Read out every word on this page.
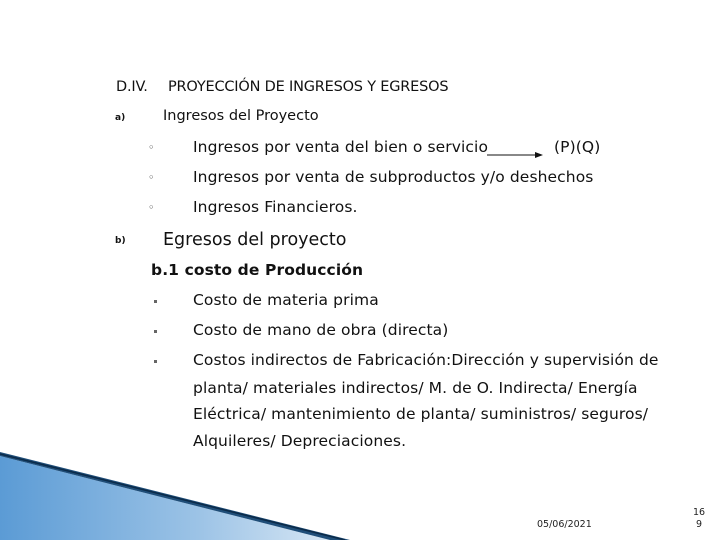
D.IV. PROYECCIÓN DE INGRESOS Y EGRESOS
a)	Ingresos del Proyecto
◦ Ingresos por venta del bien o servicio	(P)(Q)
◦ Ingresos por venta de subproductos y/o deshechos
◦ Ingresos Financieros.
b) Egresos del proyecto
b.1 costo de Producción
Costo de materia prima
Costo de mano de obra (directa)
Costos indirectos de Fabricación:Dirección y supervisión de
planta/ materiales indirectos/ M. de O. Indirecta/ Energía
Eléctrica/ mantenimiento de planta/ suministros/ seguros/
Alquileres/ Depreciaciones.
05/06/2021
16
9
